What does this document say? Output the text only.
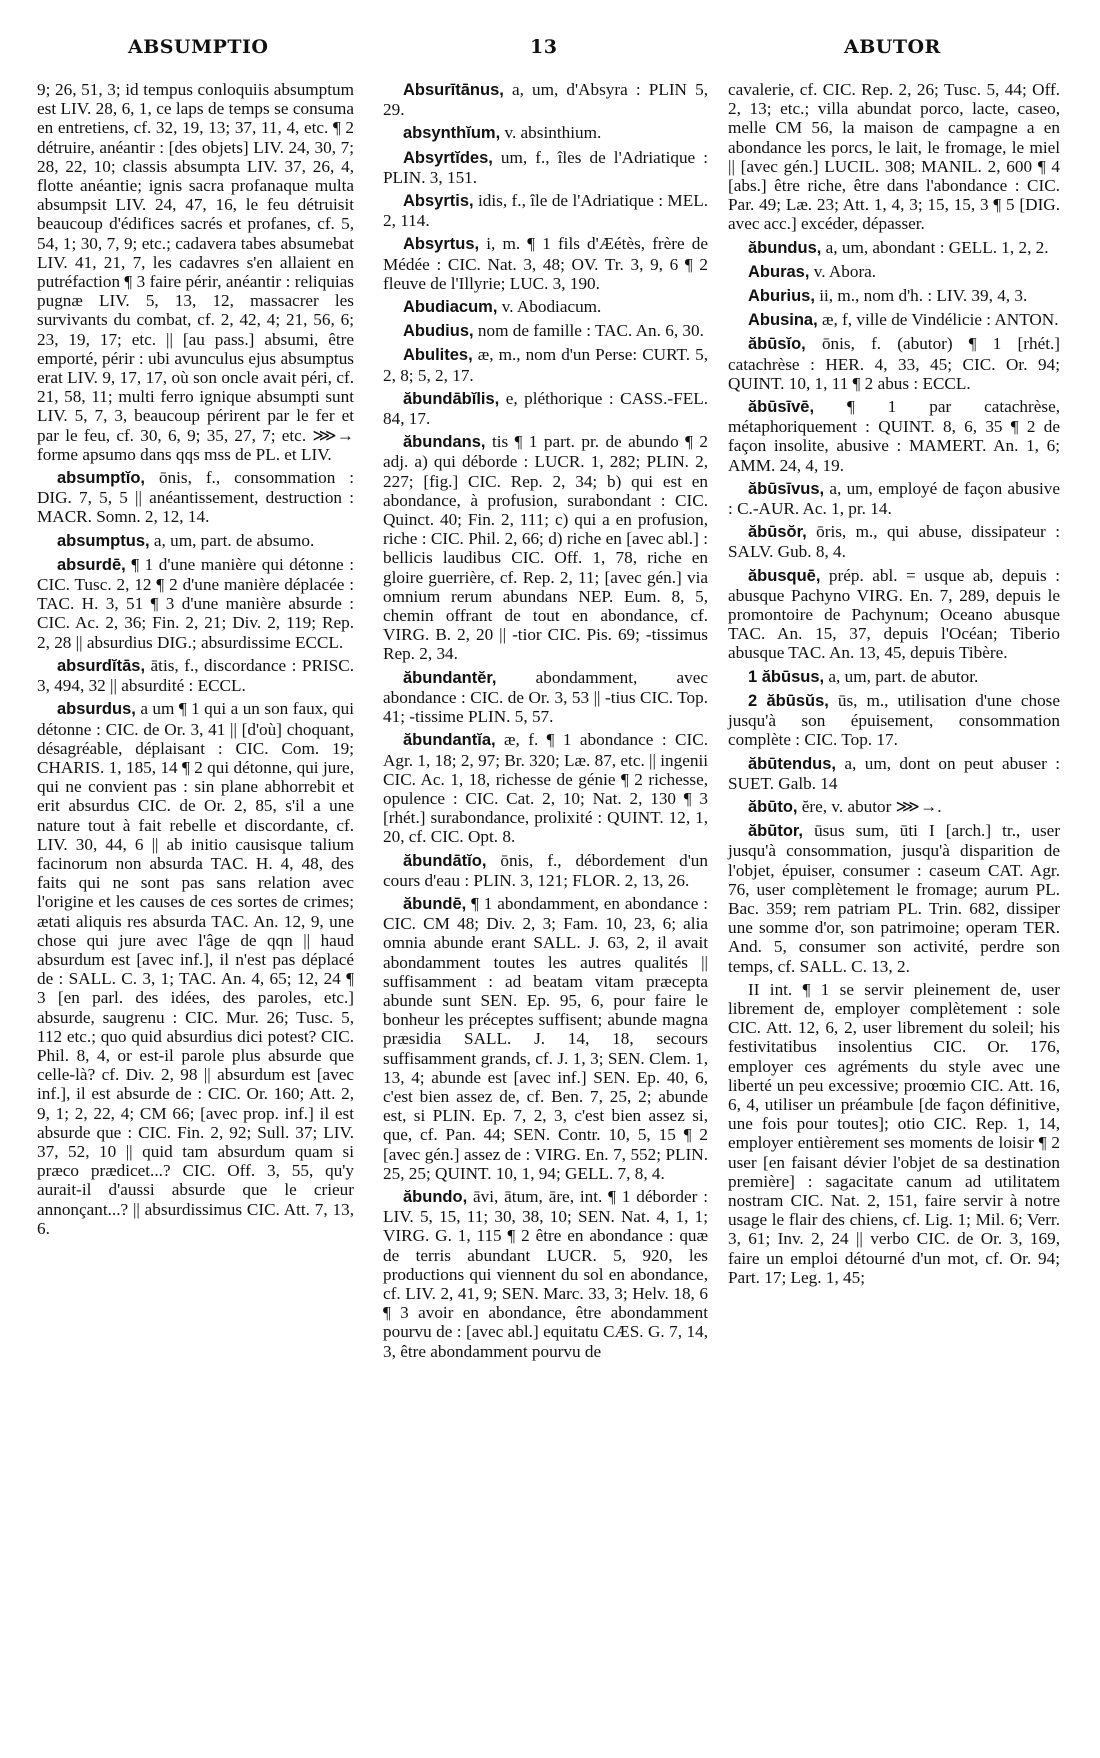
ABSUMPTIO	13	ABUTOR

9; 26, 51, 3; id tempus conloquiis absumptum est LIV. 28, 6, 1, ce laps de temps se consuma en entretiens, cf. 32, 19, 13; 37, 11, 4, etc. ¶ 2 détruire, anéantir : [des objets] LIV. 24, 30, 7; 28, 22, 10; classis absumpta LIV. 37, 26, 4, flotte anéantie; ignis sacra profanaque multa absumpsit LIV. 24, 47, 16, le feu détruisit beaucoup d'édifices sacrés et profanes, cf. 5, 54, 1; 30, 7, 9; etc.; cadavera tabes absumebat LIV. 41, 21, 7, les cadavres s'en allaient en putréfaction ¶ 3 faire périr, anéantir : reliquias pugnæ LIV. 5, 13, 12, massacrer les survivants du combat, cf. 2, 42, 4; 21, 56, 6; 23, 19, 17; etc. || [au pass.] absumi, être emporté, périr : ubi avunculus ejus absumptus erat LIV. 9, 17, 17, où son oncle avait péri, cf. 21, 58, 11; multi ferro ignique absumpti sunt LIV. 5, 7, 3, beaucoup périrent par le fer et par le feu, cf. 30, 6, 9; 35, 27, 7; etc. ⋙→ forme apsumo dans qqs mss de PL. et LIV.

absumptĭo, ōnis, f., consommation : DIG. 7, 5, 5 || anéantissement, destruction : MACR. Somn. 2, 12, 14.

absumptus, a, um, part. de absumo.

absurdē, ¶ 1 d'une manière qui détonne : CIC. Tusc. 2, 12 ¶ 2 d'une manière déplacée : TAC. H. 3, 51 ¶ 3 d'une manière absurde : CIC. Ac. 2, 36; Fin. 2, 21; Div. 2, 119; Rep. 2, 28 || absurdius DIG.; absurdissime ECCL.

absurdĭtās, ātis, f., discordance : PRISC. 3, 494, 32 || absurdité : ECCL.

absurdus, a um ¶ 1 qui a un son faux, qui détonne : CIC. de Or. 3, 41 || [d'où] choquant, désagréable, déplaisant : CIC. Com. 19; CHARIS. 1, 185, 14 ¶ 2 qui détonne, qui jure, qui ne convient pas : sin plane abhorrebit et erit absurdus CIC. de Or. 2, 85, s'il a une nature tout à fait rebelle et discordante, cf. LIV. 30, 44, 6 || ab initio causisque talium facinorum non absurda TAC. H. 4, 48, des faits qui ne sont pas sans relation avec l'origine et les causes de ces sortes de crimes; ætati aliquis res absurda TAC. An. 12, 9, une chose qui jure avec l'âge de qqn || haud absurdum est [avec inf.], il n'est pas déplacé de : SALL. C. 3, 1; TAC. An. 4, 65; 12, 24 ¶ 3 [en parl. des idées, des paroles, etc.] absurde, saugrenu : CIC. Mur. 26; Tusc. 5, 112 etc.; quo quid absurdius dici potest? CIC. Phil. 8, 4, or est-il parole plus absurde que celle-là? cf. Div. 2, 98 || absurdum est [avec inf.], il est absurde de : CIC. Or. 160; Att. 2, 9, 1; 2, 22, 4; CM 66; [avec prop. inf.] il est absurde que : CIC. Fin. 2, 92; Sull. 37; LIV. 37, 52, 10 || quid tam absurdum quam si præco prædicet...? CIC. Off. 3, 55, qu'y aurait-il d'aussi absurde que le crieur annonçant...? || absurdissimus CIC. Att. 7, 13, 6.

Absurītānus, a, um, d'Absyra : PLIN 5, 29.

absynthĭum, v. absinthium.

Absyrtĭdes, um, f., îles de l'Adriatique : PLIN. 3, 151.

Absyrtis, idis, f., île de l'Adriatique : MEL. 2, 114.

Absyrtus, i, m. ¶ 1 fils d'Æétès, frère de Médée : CIC. Nat. 3, 48; OV. Tr. 3, 9, 6 ¶ 2 fleuve de l'Illyrie; LUC. 3, 190.

Abudiacum, v. Abodiacum.

Abudius, nom de famille : TAC. An. 6, 30.

Abulites, æ, m., nom d'un Perse: CURT. 5, 2, 8; 5, 2, 17.

ăbundābĭlis, e, pléthorique : CASS.-FEL. 84, 17.

ăbundans, tis ¶ 1 part. pr. de abundo ¶ 2 adj. a) qui déborde : LUCR. 1, 282; PLIN. 2, 227; [fig.] CIC. Rep. 2, 34; b) qui est en abondance, à profusion, surabondant : CIC. Quinct. 40; Fin. 2, 111; c) qui a en profusion, riche : CIC. Phil. 2, 66; d) riche en [avec abl.] : bellicis laudibus CIC. Off. 1, 78, riche en gloire guerrière, cf. Rep. 2, 11; [avec gén.] via omnium rerum abundans NEP. Eum. 8, 5, chemin offrant de tout en abondance, cf. VIRG. B. 2, 20 || -tior CIC. Pis. 69; -tissimus Rep. 2, 34.

ăbundantĕr, abondamment, avec abondance : CIC. de Or. 3, 53 || -tius CIC. Top. 41; -tissime PLIN. 5, 57.

ăbundantĭa, æ, f. ¶ 1 abondance : CIC. Agr. 1, 18; 2, 97; Br. 320; Læ. 87, etc. || ingenii CIC. Ac. 1, 18, richesse de génie ¶ 2 richesse, opulence : CIC. Cat. 2, 10; Nat. 2, 130 ¶ 3 [rhét.] surabondance, prolixité : QUINT. 12, 1, 20, cf. CIC. Opt. 8.

ăbundātĭo, ōnis, f., débordement d'un cours d'eau : PLIN. 3, 121; FLOR. 2, 13, 26.

ăbundē, ¶ 1 abondamment, en abondance : CIC. CM 48; Div. 2, 3; Fam. 10, 23, 6; alia omnia abunde erant SALL. J. 63, 2, il avait abondamment toutes les autres qualités || suffisamment : ad beatam vitam præcepta abunde sunt SEN. Ep. 95, 6, pour faire le bonheur les préceptes suffisent; abunde magna præsidia SALL. J. 14, 18, secours suffisamment grands, cf. J. 1, 3; SEN. Clem. 1, 13, 4; abunde est [avec inf.] SEN. Ep. 40, 6, c'est bien assez de, cf. Ben. 7, 25, 2; abunde est, si PLIN. Ep. 7, 2, 3, c'est bien assez si, que, cf. Pan. 44; SEN. Contr. 10, 5, 15 ¶ 2 [avec gén.] assez de : VIRG. En. 7, 552; PLIN. 25, 25; QUINT. 10, 1, 94; GELL. 7, 8, 4.

ăbundo, āvi, ātum, āre, int. ¶ 1 déborder : LIV. 5, 15, 11; 30, 38, 10; SEN. Nat. 4, 1, 1; VIRG. G. 1, 115 ¶ 2 être en abondance : quæ de terris abundant LUCR. 5, 920, les productions qui viennent du sol en abondance, cf. LIV. 2, 41, 9; SEN. Marc. 33, 3; Helv. 18, 6 ¶ 3 avoir en abondance, être abondamment pourvu de : [avec abl.] equitatu CÆS. G. 7, 14, 3, être abondamment pourvu de

cavalerie, cf. CIC. Rep. 2, 26; Tusc. 5, 44; Off. 2, 13; etc.; villa abundat porco, lacte, caseo, melle CM 56, la maison de campagne a en abondance les porcs, le lait, le fromage, le miel || [avec gén.] LUCIL. 308; MANIL. 2, 600 ¶ 4 [abs.] être riche, être dans l'abondance : CIC. Par. 49; Læ. 23; Att. 1, 4, 3; 15, 15, 3 ¶ 5 [DIG. avec acc.] excéder, dépasser.

ăbundus, a, um, abondant : GELL. 1, 2, 2.

Aburas, v. Abora.

Aburius, ii, m., nom d'h. : LIV. 39, 4, 3.

Abusina, æ, f, ville de Vindélicie : ANTON.

ăbūsĭo, ōnis, f. (abutor) ¶ 1 [rhét.] catachrèse : HER. 4, 33, 45; CIC. Or. 94; QUINT. 10, 1, 11 ¶ 2 abus : ECCL.

ăbūsīvē, ¶ 1 par catachrèse, métaphoriquement : QUINT. 8, 6, 35 ¶ 2 de façon insolite, abusive : MAMERT. An. 1, 6; AMM. 24, 4, 19.

ăbūsīvus, a, um, employé de façon abusive : C.-AUR. Ac. 1, pr. 14.

ăbūsŏr, ōris, m., qui abuse, dissipateur : SALV. Gub. 8, 4.

ăbusquē, prép. abl. = usque ab, depuis : abusque Pachyno VIRG. En. 7, 289, depuis le promontoire de Pachynum; Oceano abusque TAC. An. 15, 37, depuis l'Océan; Tiberio abusque TAC. An. 13, 45, depuis Tibère.

1 ăbūsus, a, um, part. de abutor.

2 ăbūsŭs, ūs, m., utilisation d'une chose jusqu'à son épuisement, consommation complète : CIC. Top. 17.

ăbūtendus, a, um, dont on peut abuser : SUET. Galb. 14

ăbūto, ĕre, v. abutor ⋙→.

ăbūtor, ūsus sum, ūti I [arch.] tr., user jusqu'à consommation, jusqu'à disparition de l'objet, épuiser, consumer : caseum CAT. Agr. 76, user complètement le fromage; aurum PL. Bac. 359; rem patriam PL. Trin. 682, dissiper une somme d'or, son patrimoine; operam TER. And. 5, consumer son activité, perdre son temps, cf. SALL. C. 13, 2.

II int. ¶ 1 se servir pleinement de, user librement de, employer complètement : sole CIC. Att. 12, 6, 2, user librement du soleil; his festivitatibus insolentius CIC. Or. 176, employer ces agréments du style avec une liberté un peu excessive; proœmio CIC. Att. 16, 6, 4, utiliser un préambule [de façon définitive, une fois pour toutes]; otio CIC. Rep. 1, 14, employer entièrement ses moments de loisir ¶ 2 user [en faisant dévier l'objet de sa destination première] : sagacitate canum ad utilitatem nostram CIC. Nat. 2, 151, faire servir à notre usage le flair des chiens, cf. Lig. 1; Mil. 6; Verr. 3, 61; Inv. 2, 24 || verbo CIC. de Or. 3, 169, faire un emploi détourné d'un mot, cf. Or. 94; Part. 17; Leg. 1, 45;
